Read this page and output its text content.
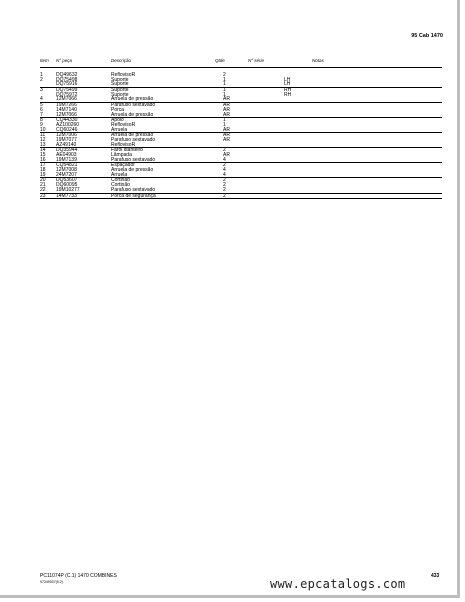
95 Cab 1470
Item N° peça	Descrição	Qtde	N° série	Notas
1	DQ49632	ReflovisoR	2
2	DQ75498	Suporte	1	LH
DQ75916	Suporte	1	LH
3	DQ75499	Suporte	1	RH
DQ75972	Suporte	1	RH
4	12M7066	Arruela de pressão	AR
5	19M7266	Parafuso sextavado	AR
6	14M7140	Porca	AR
7	12M7066	Arruela de pressão	AR
8	CQ44330	Apoio	1
9	AZ100260	ReflovisoR	1
10 CQ60246	Arruela	AR
11 12M7006	Arruela de pressão	AR
12 19M7077	Parafuso sextavado	AR
13 AZ49140	ReflovisoR
14 DQ35944	Farol dianteiro	2
15 AE04903	Lâmpada	AR
16 19M7139	Parafuso sextavado	4
17 CQ54821	Espaçador	2
18 12M7008	Arruela de pressão	4
19 24M7207	Arruela	4
20 DQ53607	Cortinão	2
21 DQ60095	Cortinão	2
22 19M10277	Parafuso sextavado	2
23 14M7733	Porca de segurança	2
PC11074P (C.1) 1470 COMBINES
97349037(9.2)
433
www.epcatalogs.com
